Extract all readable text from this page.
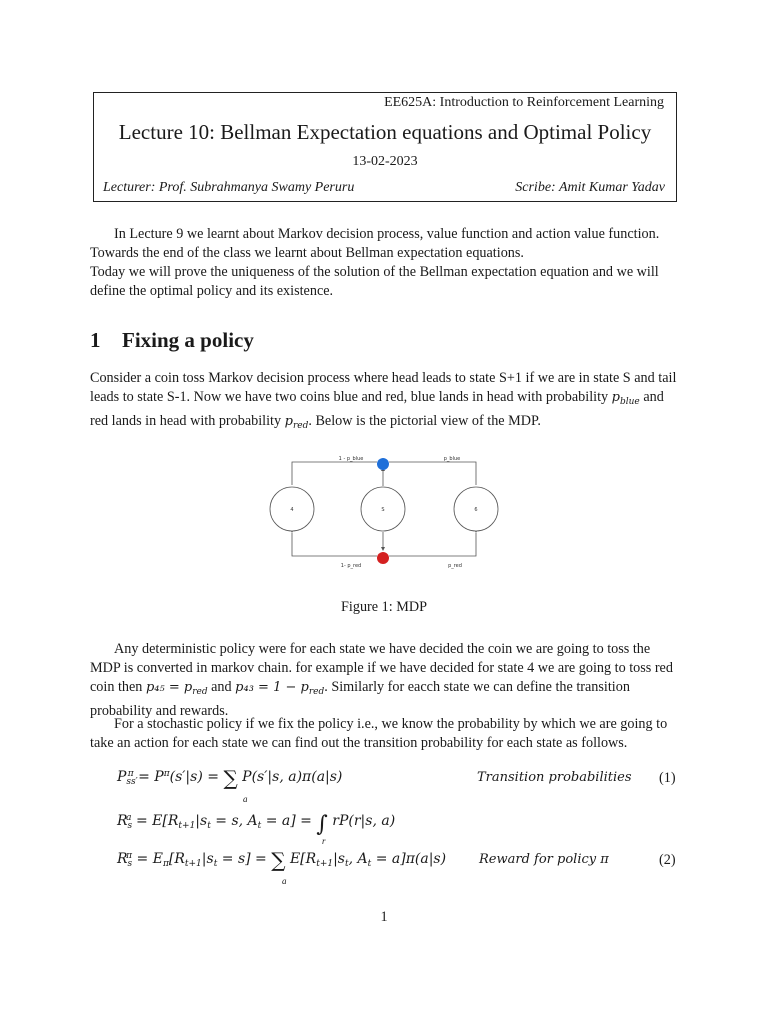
EE625A: Introduction to Reinforcement Learning
Lecture 10: Bellman Expectation equations and Optimal Policy
13-02-2023
Lecturer: Prof. Subrahmanya Swamy Peruru	Scribe: Amit Kumar Yadav

In Lecture 9 we learnt about Markov decision process, value function and action value function. Towards the end of the class we learnt about Bellman expectation equations.

Today we will prove the uniqueness of the solution of the Bellman expectation equation and we will define the optimal policy and its existence.

1 Fixing a policy

Consider a coin toss Markov decision process where head leads to state S+1 if we are in state S and tail leads to state S-1. Now we have two coins blue and red, blue lands in head with probability $p_{blue}$ and red lands in head with probability $p_{red}$. Below is the pictorial view of the MDP.

4	S	6
1 - p_blue	p_blue
1- p_red	p_red
Figure 1: MDP

Any deterministic policy were for each state we have decided the coin we are going to toss the MDP is converted in markov chain. for example if we have decided for state 4 we are going to toss red coin then $p_{45} = p_{red}$ and $p_{43} = 1 - p_{red}$. Similarly for eacch state we can define the transition probability and rewards.

For a stochastic policy if we fix the policy i.e., we know the probability by which we are going to take an action for each state we can find out the transition probability for each state as follows.

$P_{ss'}^\pi = P^\pi(s'|s)$ = ∑ P(s′|s, a)π(a|s)
a
Transition probabilities (1)
$R_s^a = E[R_{t+1}|s_t = s$, $A_t = a$] = ∫ rP(r|s, a)
r
$R_s^\pi = E_\pi[R_{t+1}|s_t = s]$ = ∑ $E[R_{t+1}|s_t$, $A_t = a]\pi(a|s)$
a
Reward for policy π	(2)
1
